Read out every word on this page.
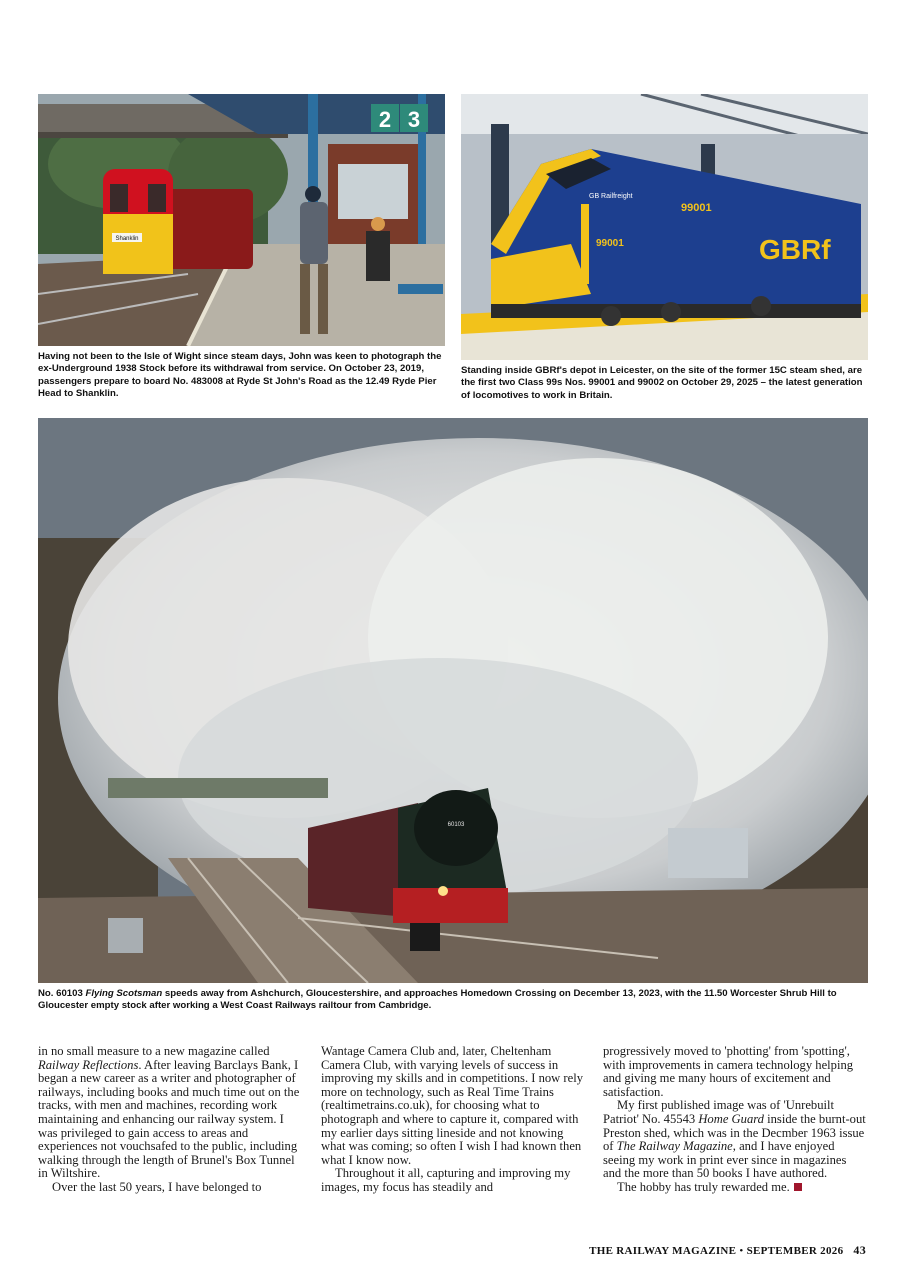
2 3
Shanklin
Having not been to the Isle of Wight since steam days, John was keen to photograph the ex-Underground 1938 Stock before its withdrawal from service. On October 23, 2019, passengers prepare to board No. 483008 at Ryde St John's Road as the 12.49 Ryde Pier Head to Shanklin.
GB Railfreight
99001
99001	GBRf
Standing inside GBRf's depot in Leicester, on the site of the former 15C steam shed, are the first two Class 99s Nos. 99001 and 99002 on October 29, 2025 – the latest generation of locomotives to work in Britain.
60103
No. 60103 Flying Scotsman speeds away from Ashchurch, Gloucestershire, and approaches Homedown Crossing on December 13, 2023, with the 11.50 Worcester Shrub Hill to Gloucester empty stock after working a West Coast Railways railtour from Cambridge.

in no small measure to a new magazine called Railway Reflections. After leaving Barclays Bank, I began a new career as a writer and photographer of railways, including books and much time out on the tracks, with men and machines, recording work maintaining and enhancing our railway system. I was privileged to gain access to areas and experiences not vouchsafed to the public, including walking through the length of Brunel's Box Tunnel in Wiltshire.

Over the last 50 years, I have belonged to

Wantage Camera Club and, later, Cheltenham Camera Club, with varying levels of success in improving my skills and in competitions. I now rely more on technology, such as Real Time Trains (realtimetrains.co.uk), for choosing what to photograph and where to capture it, compared with my earlier days sitting lineside and not knowing what was coming; so often I wish I had known then what I know now.

Throughout it all, capturing and improving my images, my focus has steadily and

progressively moved to 'photting' from 'spotting', with improvements in camera technology helping and giving me many hours of excitement and satisfaction.

My first published image was of 'Unrebuilt Patriot' No. 45543 Home Guard inside the burnt-out Preston shed, which was in the Decmber 1963 issue of The Railway Magazine, and I have enjoyed seeing my work in print ever since in magazines and the more than 50 books I have authored.

The hobby has truly rewarded me.

THE RAILWAY MAGAZINE • SEPTEMBER 2026 43
